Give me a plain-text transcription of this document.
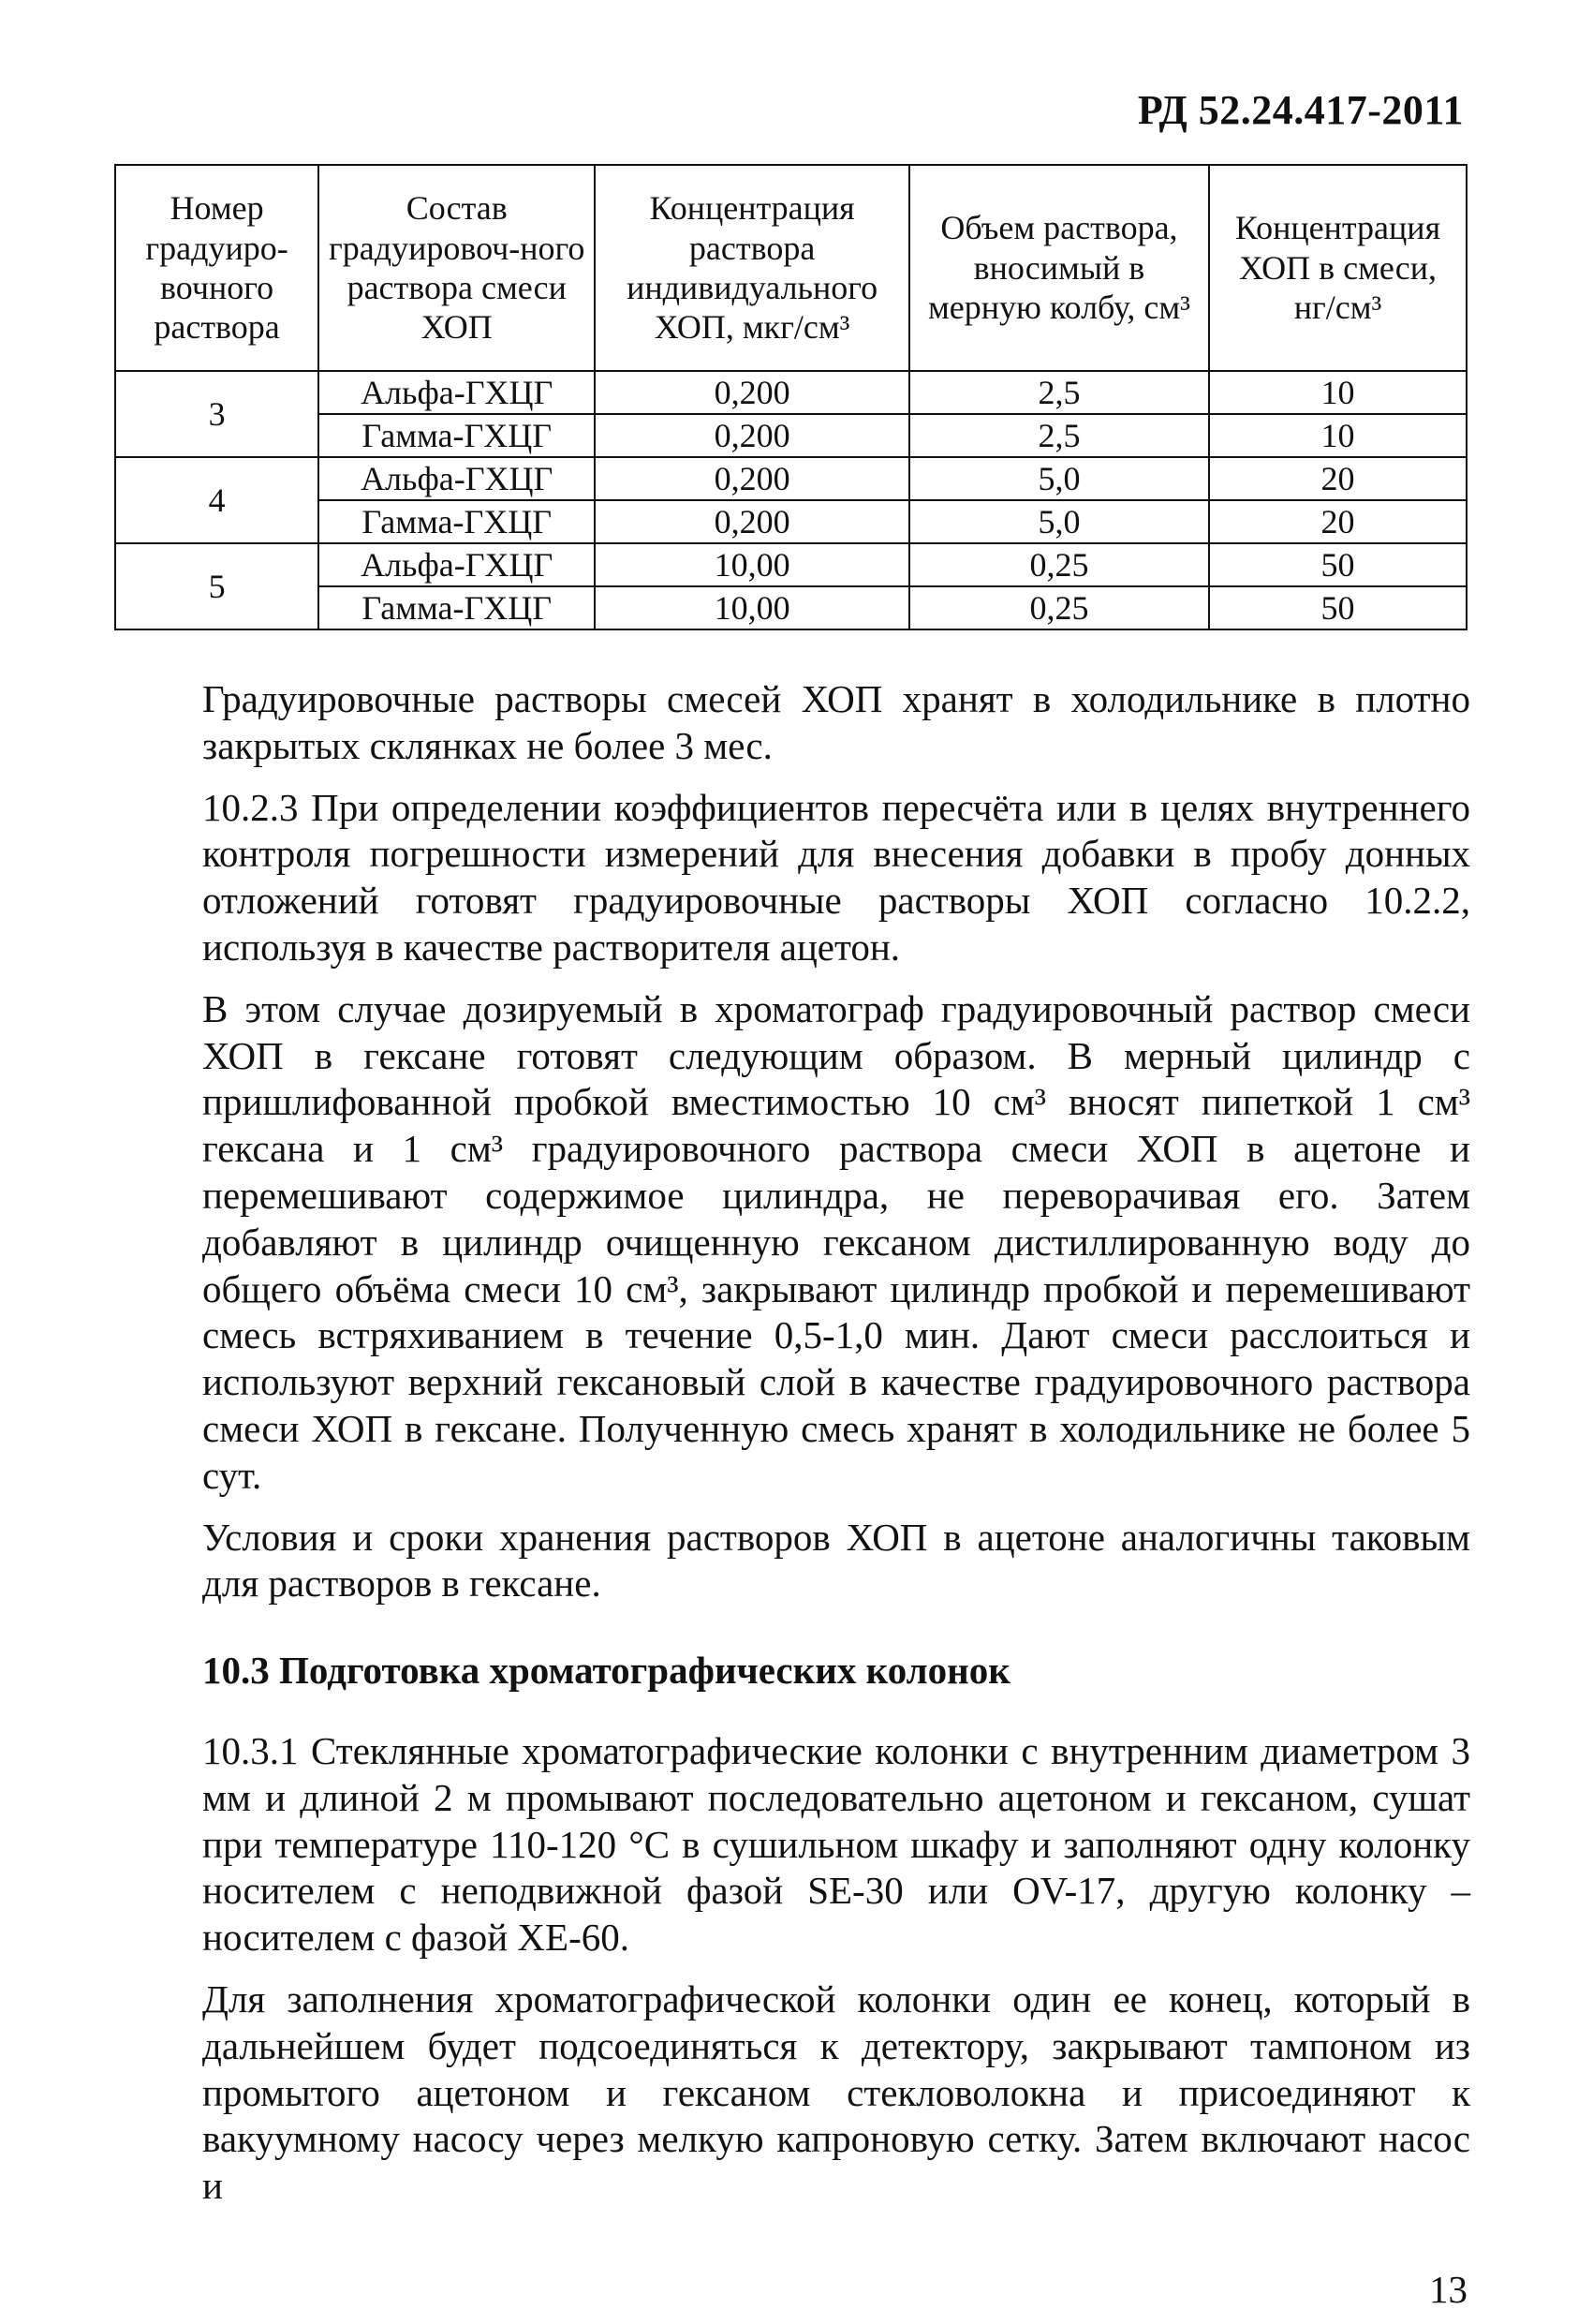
РД 52.24.417-2011
Номер градуиро-вочного раствора	Состав градуировоч-ного раствора смеси ХОП	Концентрация раствора индивидуального ХОП, мкг/см³	Объем раствора, вносимый в мерную колбу, см³	Концентрация ХОП в смеси, нг/см³
3	Альфа-ГХЦГ	0,200	2,5	10
	Гамма-ГХЦГ	0,200	2,5	10
4	Альфа-ГХЦГ	0,200	5,0	20
	Гамма-ГХЦГ	0,200	5,0	20
5	Альфа-ГХЦГ	10,00	0,25	50
	Гамма-ГХЦГ	10,00	0,25	50

Градуировочные растворы смесей ХОП хранят в холодильнике в плотно закрытых склянках не более 3 мес.

10.2.3 При определении коэффициентов пересчёта или в целях внутреннего контроля погрешности измерений для внесения добавки в пробу донных отложений готовят градуировочные растворы ХОП согласно 10.2.2, используя в качестве растворителя ацетон.

В этом случае дозируемый в хроматограф градуировочный раствор смеси ХОП в гексане готовят следующим образом. В мерный цилиндр с пришлифованной пробкой вместимостью 10 см³ вносят пипеткой 1 см³ гексана и 1 см³ градуировочного раствора смеси ХОП в ацетоне и перемешивают содержимое цилиндра, не переворачивая его. Затем добавляют в цилиндр очищенную гексаном дистиллированную воду до общего объёма смеси 10 см³, закрывают цилиндр пробкой и перемешивают смесь встряхиванием в течение 0,5-1,0 мин. Дают смеси расслоиться и используют верхний гексановый слой в качестве градуировочного раствора смеси ХОП в гексане. Полученную смесь хранят в холодильнике не более 5 сут.

Условия и сроки хранения растворов ХОП в ацетоне аналогичны таковым для растворов в гексане.

10.3 Подготовка хроматографических колонок

10.3.1 Стеклянные хроматографические колонки с внутренним диаметром 3 мм и длиной 2 м промывают последовательно ацетоном и гексаном, сушат при температуре 110-120 °С в сушильном шкафу и заполняют одну колонку носителем с неподвижной фазой SE-30 или OV-17, другую колонку – носителем с фазой XE-60.

Для заполнения хроматографической колонки один ее конец, который в дальнейшем будет подсоединяться к детектору, закрывают тампоном из промытого ацетоном и гексаном стекловолокна и присоединяют к вакуумному насосу через мелкую капроновую сетку. Затем включают насос и

13
